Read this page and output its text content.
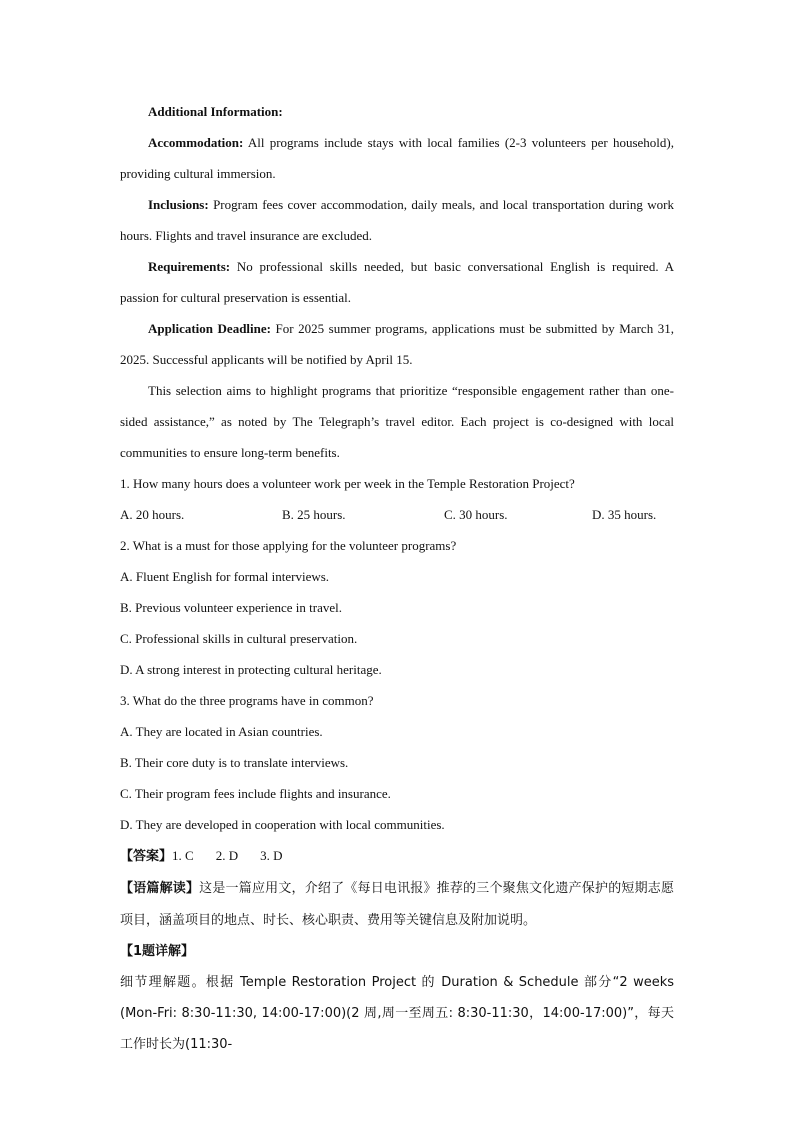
Additional Information:
Accommodation: All programs include stays with local families (2-3 volunteers per household), providing cultural immersion.
Inclusions: Program fees cover accommodation, daily meals, and local transportation during work hours. Flights and travel insurance are excluded.
Requirements: No professional skills needed, but basic conversational English is required. A passion for cultural preservation is essential.
Application Deadline: For 2025 summer programs, applications must be submitted by March 31, 2025. Successful applicants will be notified by April 15.
This selection aims to highlight programs that prioritize “responsible engagement rather than one-sided assistance,” as noted by The Telegraph’s travel editor. Each project is co-designed with local communities to ensure long-term benefits.
1. How many hours does a volunteer work per week in the Temple Restoration Project?
A. 20 hours.	B. 25 hours.	C. 30 hours.	D. 35 hours.
2. What is a must for those applying for the volunteer programs?
A. Fluent English for formal interviews.
B. Previous volunteer experience in travel.
C. Professional skills in cultural preservation.
D. A strong interest in protecting cultural heritage.
3. What do the three programs have in common?
A. They are located in Asian countries.
B. Their core duty is to translate interviews.
C. Their program fees include flights and insurance.
D. They are developed in cooperation with local communities.
【答案】1. C 2. D 3. D
【语篇解读】这是一篇应用文，介绍了《每日电讯报》推荐的三个聚焦文化遗产保护的短期志愿项目，涵盖项目的地点、时长、核心职责、费用等关键信息及附加说明。
【1题详解】
细节理解题。根据 Temple Restoration Project 的 Duration & Schedule 部分“2 weeks (Mon-Fri: 8:30-11:30, 14:00-17:00)(2 周,周一至周五: 8:30-11:30，14:00-17:00)”，每天工作时长为(11:30-
